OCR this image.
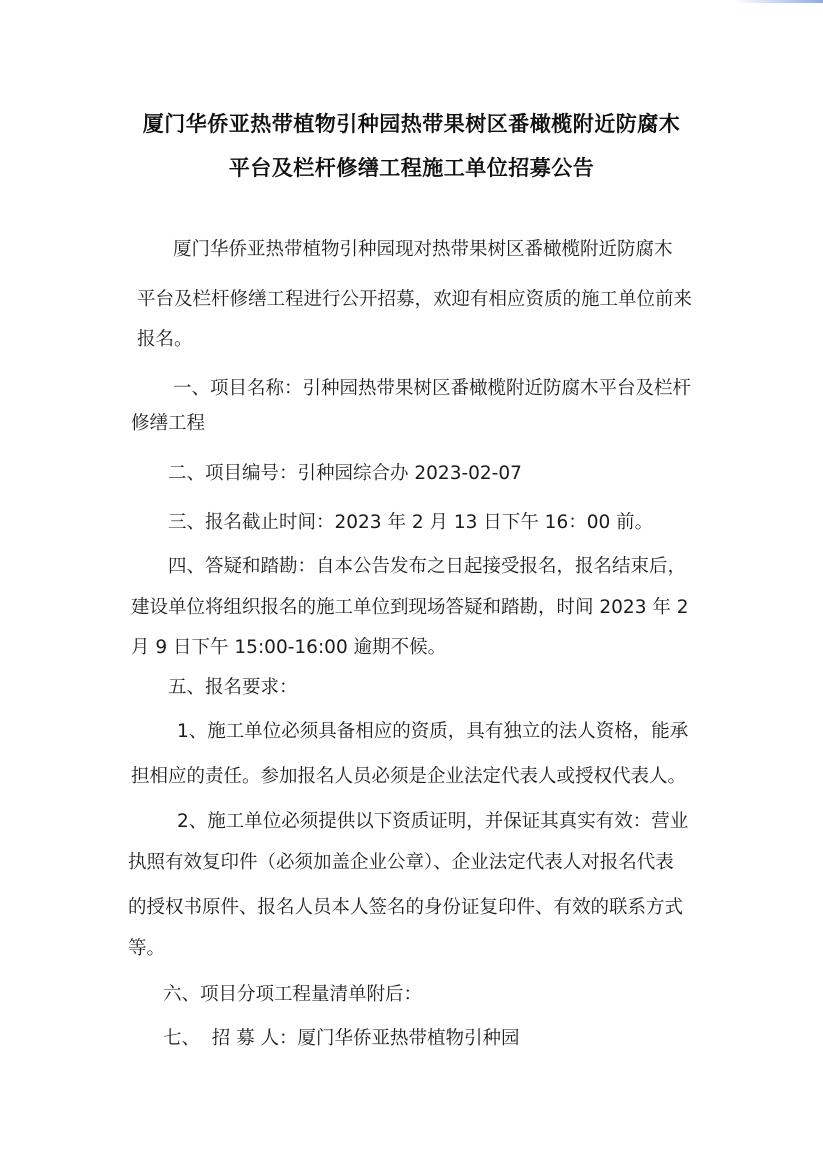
厦门华侨亚热带植物引种园热带果树区番橄榄附近防腐木
平台及栏杆修缮工程施工单位招募公告
厦门华侨亚热带植物引种园现对热带果树区番橄榄附近防腐木
平台及栏杆修缮工程进行公开招募，欢迎有相应资质的施工单位前来
报名。
一、项目名称：引种园热带果树区番橄榄附近防腐木平台及栏杆
修缮工程
二、项目编号：引种园综合办 2023-02-07
三、报名截止时间：2023 年 2 月 13 日下午 16：00 前。
四、答疑和踏勘：自本公告发布之日起接受报名，报名结束后，
建设单位将组织报名的施工单位到现场答疑和踏勘，时间 2023 年 2
月 9 日下午 15:00-16:00 逾期不候。
五、报名要求：
1、施工单位必须具备相应的资质，具有独立的法人资格，能承
担相应的责任。参加报名人员必须是企业法定代表人或授权代表人。
2、施工单位必须提供以下资质证明，并保证其真实有效：营业
执照有效复印件（必须加盖企业公章）、企业法定代表人对报名代表
的授权书原件、报名人员本人签名的身份证复印件、有效的联系方式
等。
六、项目分项工程量清单附后：
七、  招 募 人：厦门华侨亚热带植物引种园
